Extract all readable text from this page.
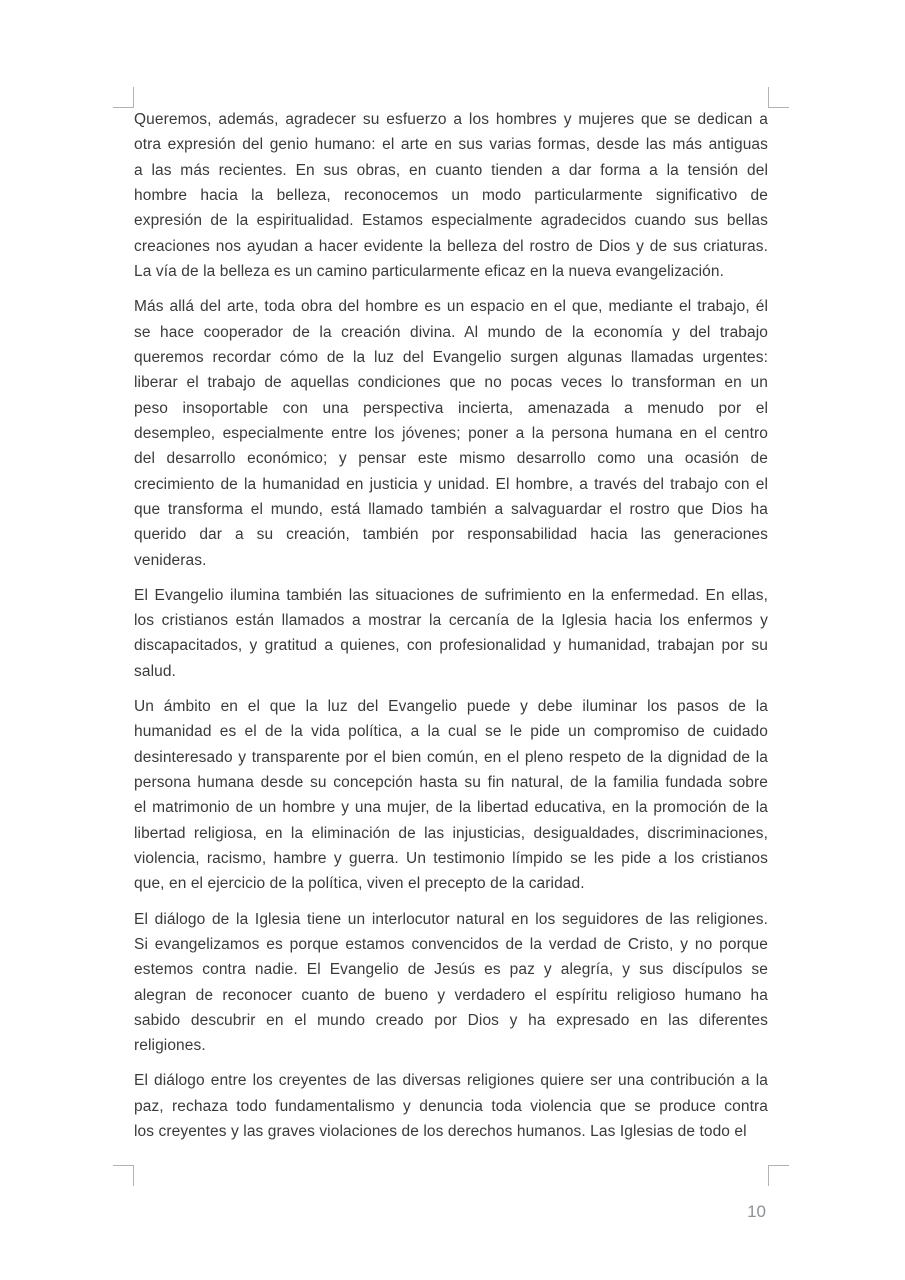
Queremos, además, agradecer su esfuerzo a los hombres y mujeres que se dedican a
otra expresión del genio humano: el arte en sus varias formas, desde las más antiguas
a las más recientes. En sus obras, en cuanto tienden a dar forma a la tensión del
hombre hacia la belleza, reconocemos un modo particularmente significativo de
expresión de la espiritualidad. Estamos especialmente agradecidos cuando sus bellas
creaciones nos ayudan a hacer evidente la belleza del rostro de Dios y de sus criaturas.
La vía de la belleza es un camino particularmente eficaz en la nueva evangelización.
Más allá del arte, toda obra del hombre es un espacio en el que, mediante el trabajo, él
se hace cooperador de la creación divina. Al mundo de la economía y del trabajo
queremos recordar cómo de la luz del Evangelio surgen algunas llamadas urgentes:
liberar el trabajo de aquellas condiciones que no pocas veces lo transforman en un
peso insoportable con una perspectiva incierta, amenazada a menudo por el
desempleo, especialmente entre los jóvenes; poner a la persona humana en el centro
del desarrollo económico; y pensar este mismo desarrollo como una ocasión de
crecimiento de la humanidad en justicia y unidad. El hombre, a través del trabajo con el
que transforma el mundo, está llamado también a salvaguardar el rostro que Dios ha
querido dar a su creación, también por responsabilidad hacia las generaciones
venideras.
El Evangelio ilumina también las situaciones de sufrimiento en la enfermedad. En ellas,
los cristianos están llamados a mostrar la cercanía de la Iglesia hacia los enfermos y
discapacitados, y gratitud a quienes, con profesionalidad y humanidad, trabajan por su
salud.
Un ámbito en el que la luz del Evangelio puede y debe iluminar los pasos de la
humanidad es el de la vida política, a la cual se le pide un compromiso de cuidado
desinteresado y transparente por el bien común, en el pleno respeto de la dignidad de la
persona humana desde su concepción hasta su fin natural, de la familia fundada sobre
el matrimonio de un hombre y una mujer, de la libertad educativa, en la promoción de la
libertad religiosa, en la eliminación de las injusticias, desigualdades, discriminaciones,
violencia, racismo, hambre y guerra. Un testimonio límpido se les pide a los cristianos
que, en el ejercicio de la política, viven el precepto de la caridad.
El diálogo de la Iglesia tiene un interlocutor natural en los seguidores de las religiones.
Si evangelizamos es porque estamos convencidos de la verdad de Cristo, y no porque
estemos contra nadie. El Evangelio de Jesús es paz y alegría, y sus discípulos se
alegran de reconocer cuanto de bueno y verdadero el espíritu religioso humano ha
sabido descubrir en el mundo creado por Dios y ha expresado en las diferentes
religiones.
El diálogo entre los creyentes de las diversas religiones quiere ser una contribución a la
paz, rechaza todo fundamentalismo y denuncia toda violencia que se produce contra
los creyentes y las graves violaciones de los derechos humanos. Las Iglesias de todo el
10
